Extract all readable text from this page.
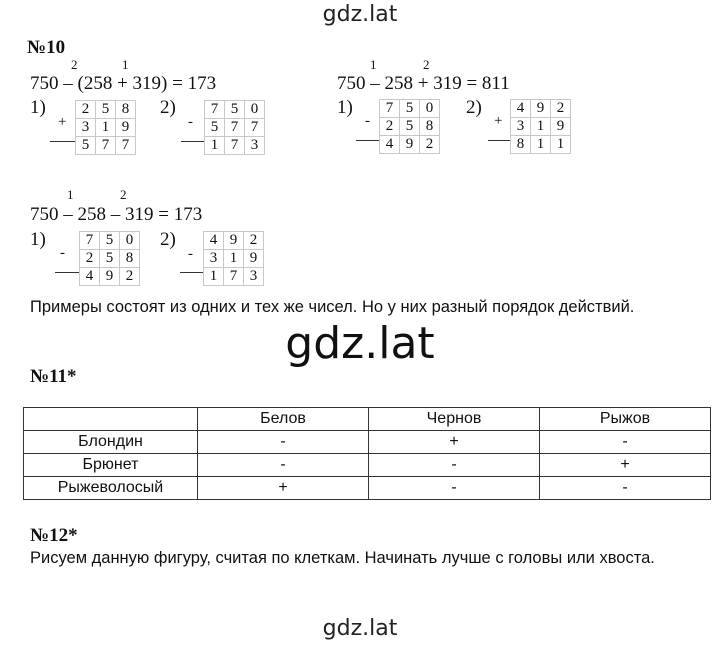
gdz.lat
gdz.lat
gdz.lat
№10
2	1
750 – (258 + 319) = 173
1	2
750 – 258 + 319 = 811
1)
+
2	5	8
3	1	9
5	7	7
2)
-
7	5	0
5	7	7
1	7	3
1)
-
7	5	0
2	5	8
4	9	2
2)
+
4	9	2
3	1	9
8	1	1
1	2
750 – 258 – 319 = 173
1)
-
7	5	0
2	5	8
4	9	2
2)
-
4	9	2
3	1	9
1	7	3
Примеры состоят из одних и тех же чисел. Но у них разный порядок действий.
№11*
	Белов	Чернов	Рыжов
Блондин	-	+	-
Брюнет	-	-	+
Рыжеволосый	+	-	-
№12*
Рисуем данную фигуру, считая по клеткам. Начинать лучше с головы или хвоста.
